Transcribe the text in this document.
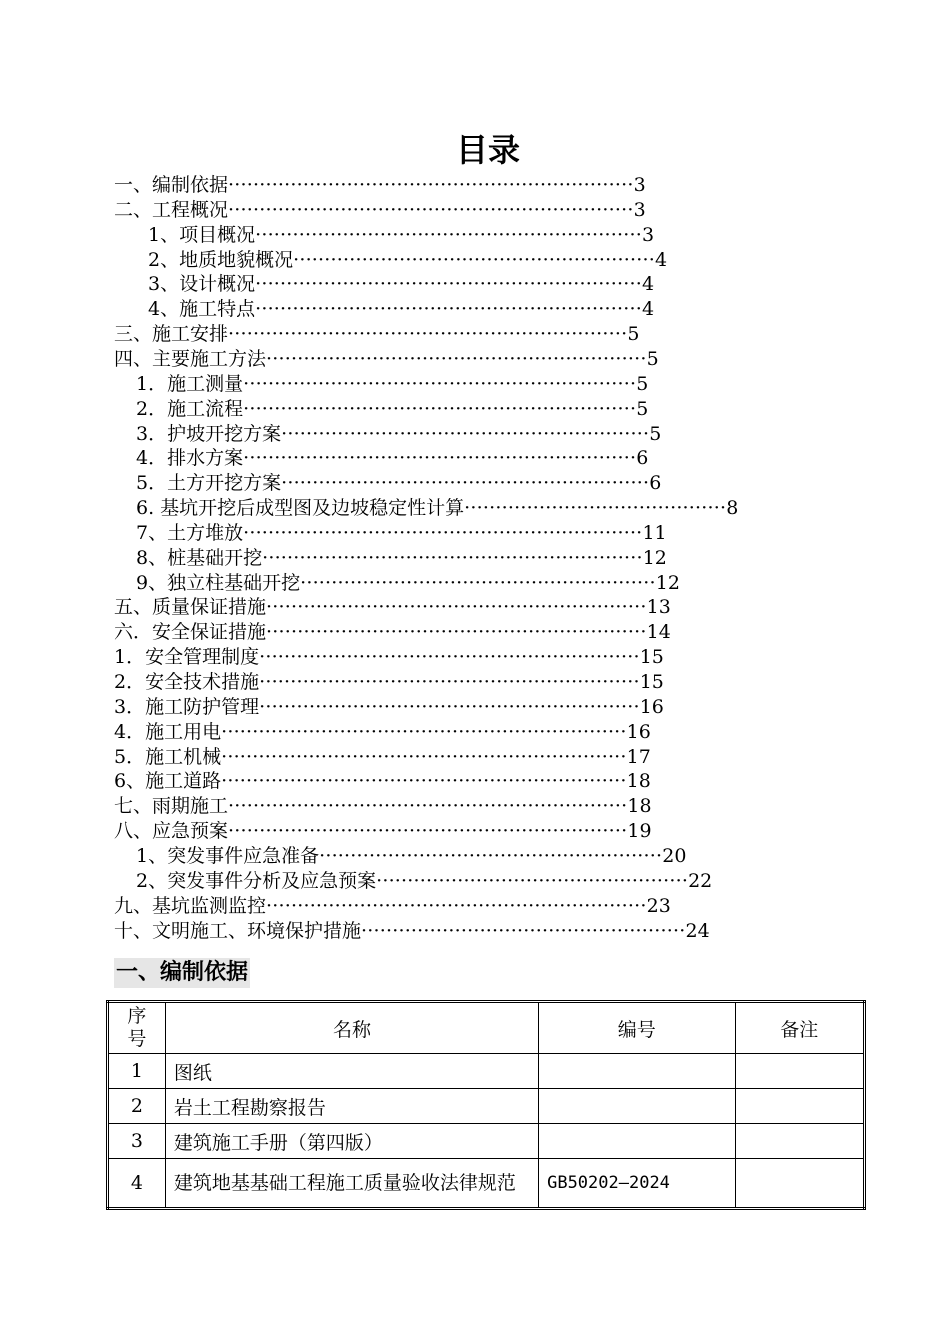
目录
一、编制依据·································································3
二、工程概况·································································3
1、项目概况······························································3
2、地质地貌概况··························································4
3、设计概况······························································4
4、施工特点······························································4
三、施工安排································································5
四、主要施工方法·····························································5
1．施工测量·······························································5
2．施工流程·······························································5
3．护坡开挖方案···························································5
4．排水方案·······························································6
5．土方开挖方案···························································6
6. 基坑开挖后成型图及边坡稳定性计算··········································8
7、土方堆放································································11
8、桩基础开挖·····························································12
9、独立柱基础开挖·························································12
五、质量保证措施·····························································13
六．安全保证措施·····························································14
1．安全管理制度·····························································15
2．安全技术措施·····························································15
3．施工防护管理·····························································16
4．施工用电·································································16
5．施工机械·································································17
6、施工道路·································································18
七、雨期施工································································18
八、应急预案································································19
1、突发事件应急准备·······················································20
2、突发事件分析及应急预案··················································22
九、基坑监测监控·····························································23
十、文明施工、环境保护措施····················································24
一、编制依据
序
号	名称	编号	备注
1	图纸		
2	岩土工程勘察报告		
3	建筑施工手册（第四版）		
4	建筑地基基础工程施工质量验收法律规范	GB50202—2024	
